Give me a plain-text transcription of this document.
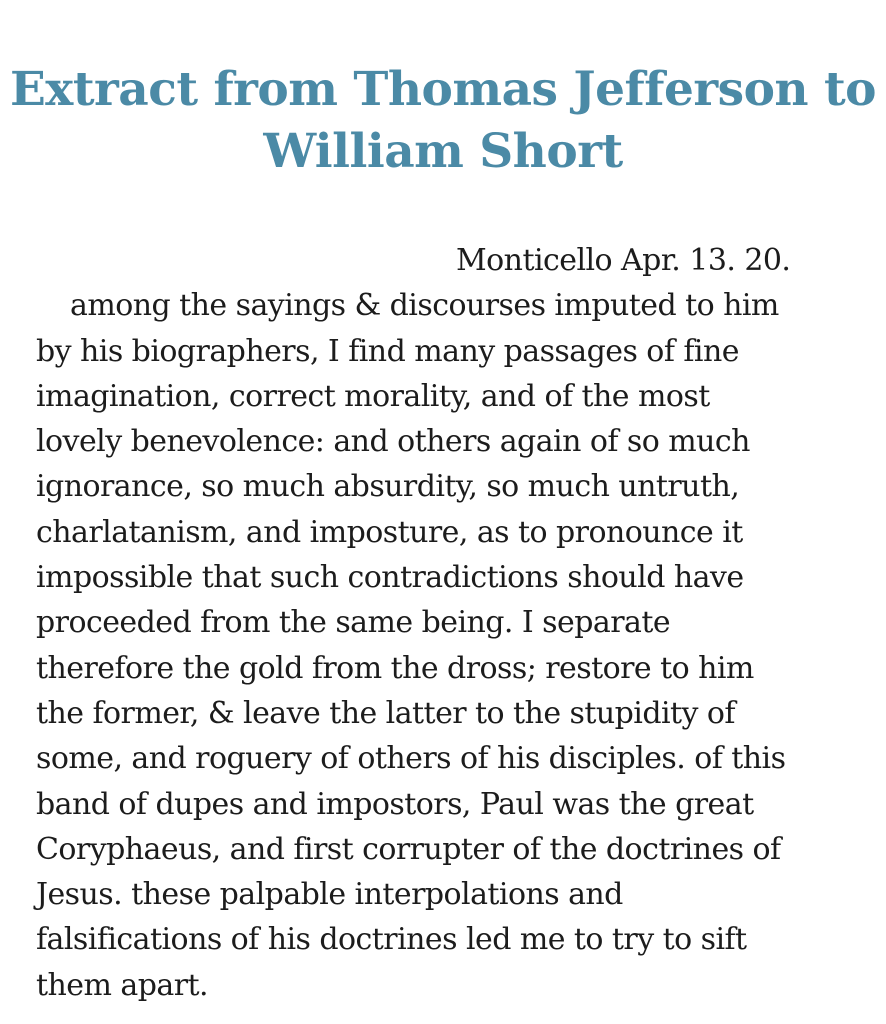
Extract from Thomas Jefferson to
William Short
Monticello Apr. 13. 20.
among the sayings & discourses imputed to him
by his biographers, I find many passages of fine
imagination, correct morality, and of the most
lovely benevolence: and others again of so much
ignorance, so much absurdity, so much untruth,
charlatanism, and imposture, as to pronounce it
impossible that such contradictions should have
proceeded from the same being. I separate
therefore the gold from the dross; restore to him
the former, & leave the latter to the stupidity of
some, and roguery of others of his disciples. of this
band of dupes and impostors, Paul was the great
Coryphaeus, and first corrupter of the doctrines of
Jesus. these palpable interpolations and
falsifications of his doctrines led me to try to sift
them apart.
